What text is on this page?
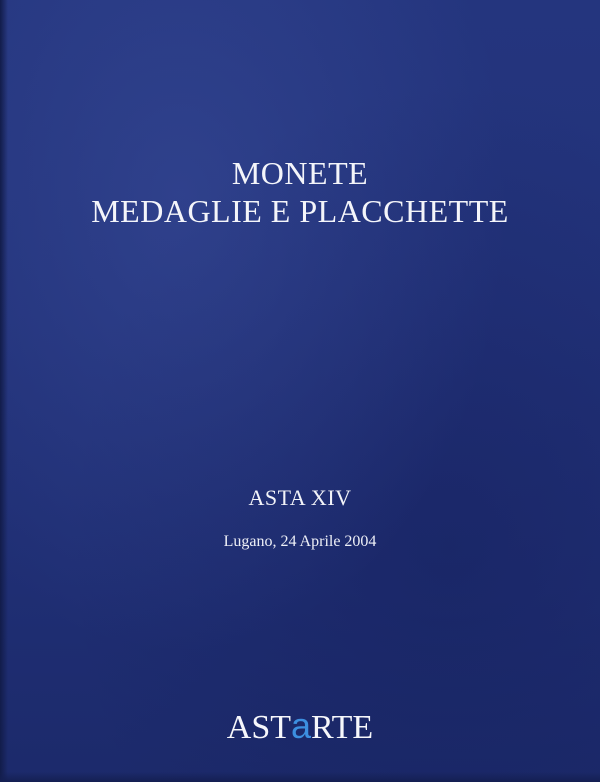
MONETE
MEDAGLIE E PLACCHETTE
ASTA XIV
Lugano, 24 Aprile 2004
ASTaRTE
